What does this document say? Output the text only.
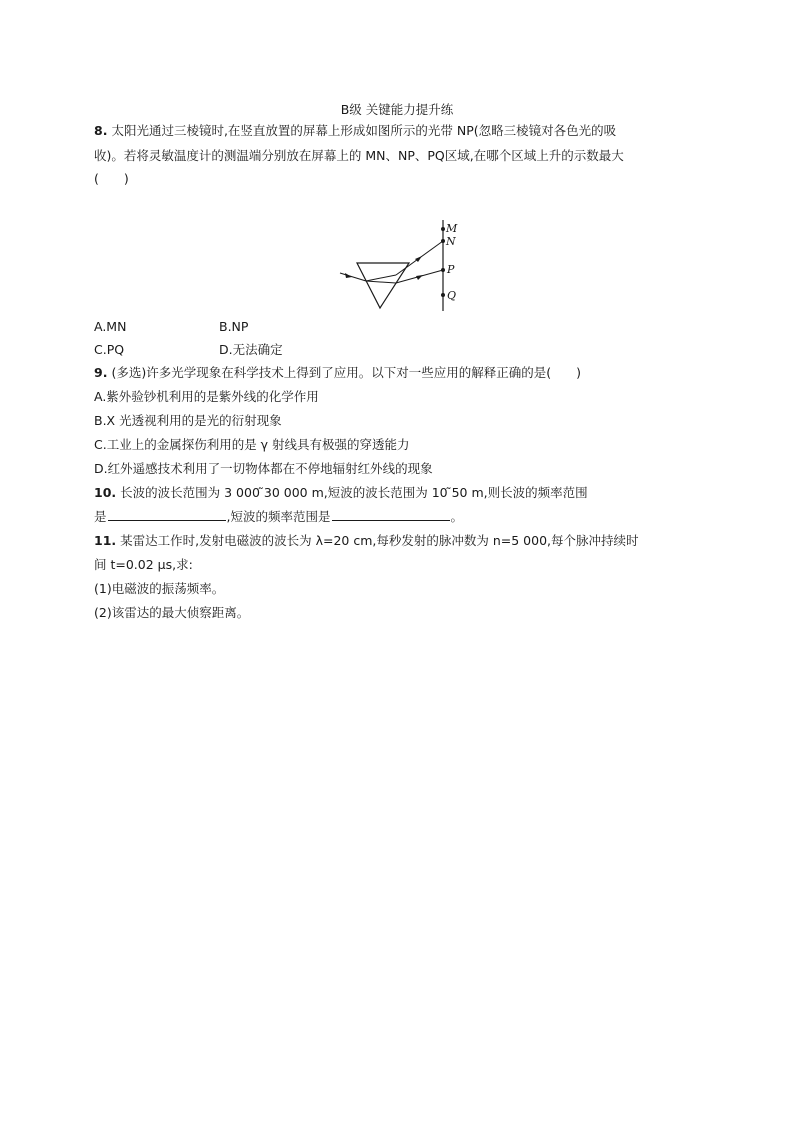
B级 关键能力提升练
8. 太阳光通过三棱镜时,在竖直放置的屏幕上形成如图所示的光带 NP(忽略三棱镜对各色光的吸
收)。若将灵敏温度计的测温端分别放在屏幕上的 MN、NP、PQ区域,在哪个区域上升的示数最大
(　　)
M
N
P
Q
A.MN	B.NP
C.PQ	D.无法确定
9. (多选)许多光学现象在科学技术上得到了应用。以下对一些应用的解释正确的是(　　)
A.紫外验钞机利用的是紫外线的化学作用
B.X 光透视利用的是光的衍射现象
C.工业上的金属探伤利用的是 γ 射线具有极强的穿透能力
D.红外遥感技术利用了一切物体都在不停地辐射红外线的现象
10. 长波的波长范围为 3 000 ̃30 000 m,短波的波长范围为 10 ̃50 m,则长波的频率范围
是	,短波的频率范围是	。
11. 某雷达工作时,发射电磁波的波长为 λ=20 cm,每秒发射的脉冲数为 n=5 000,每个脉冲持续时
间 t=0.02 μs,求:
(1)电磁波的振荡频率。
(2)该雷达的最大侦察距离。
